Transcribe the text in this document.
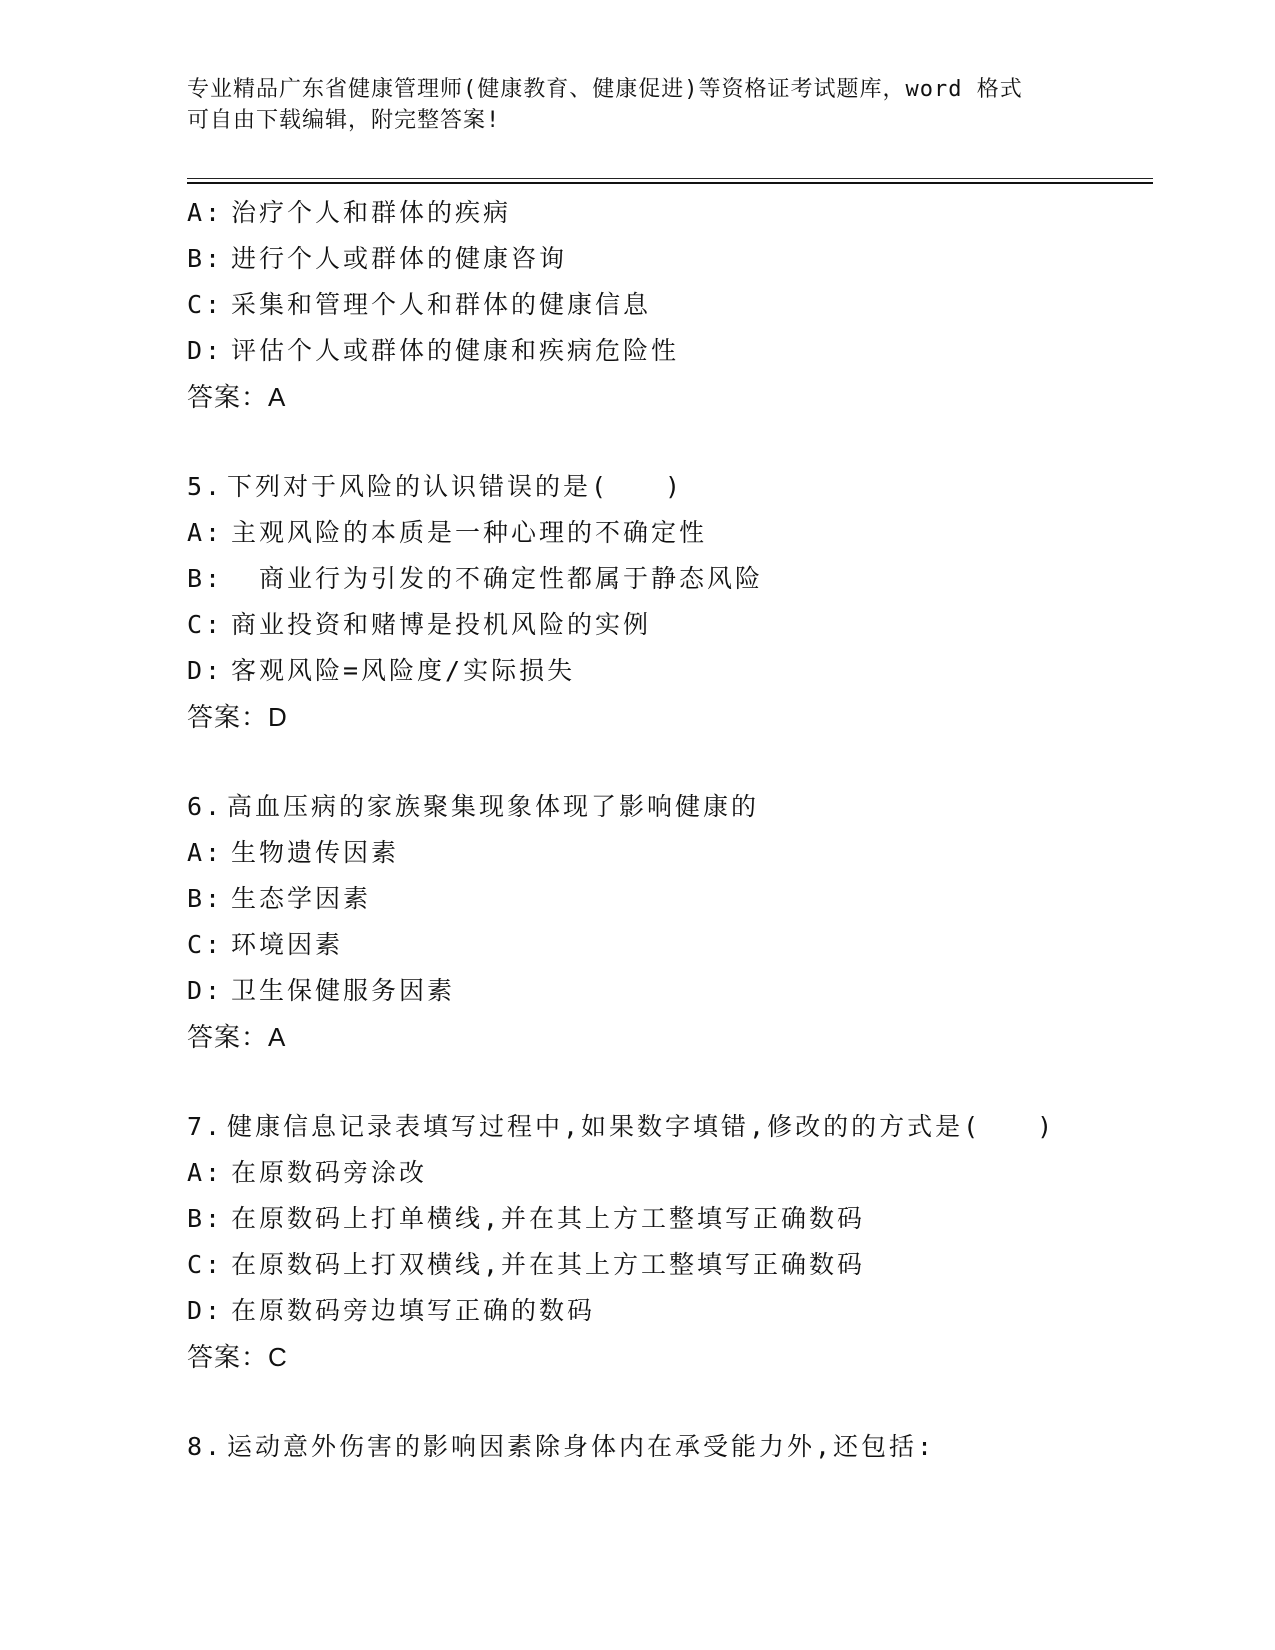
专业精品广东省健康管理师(健康教育、健康促进)等资格证考试题库，word 格式
可自由下载编辑，附完整答案!
A: 治疗个人和群体的疾病
B: 进行个人或群体的健康咨询
C: 采集和管理个人和群体的健康信息
D: 评估个人或群体的健康和疾病危险性
答案：A
5. 下列对于风险的认识错误的是(　　)
A: 主观风险的本质是一种心理的不确定性
B:　商业行为引发的不确定性都属于静态风险
C: 商业投资和赌博是投机风险的实例
D: 客观风险=风险度/实际损失
答案：D
6. 高血压病的家族聚集现象体现了影响健康的
A: 生物遗传因素
B: 生态学因素
C: 环境因素
D: 卫生保健服务因素
答案：A
7. 健康信息记录表填写过程中,如果数字填错,修改的的方式是(　　)
A: 在原数码旁涂改
B: 在原数码上打单横线,并在其上方工整填写正确数码
C: 在原数码上打双横线,并在其上方工整填写正确数码
D: 在原数码旁边填写正确的数码
答案：C
8. 运动意外伤害的影响因素除身体内在承受能力外,还包括:
